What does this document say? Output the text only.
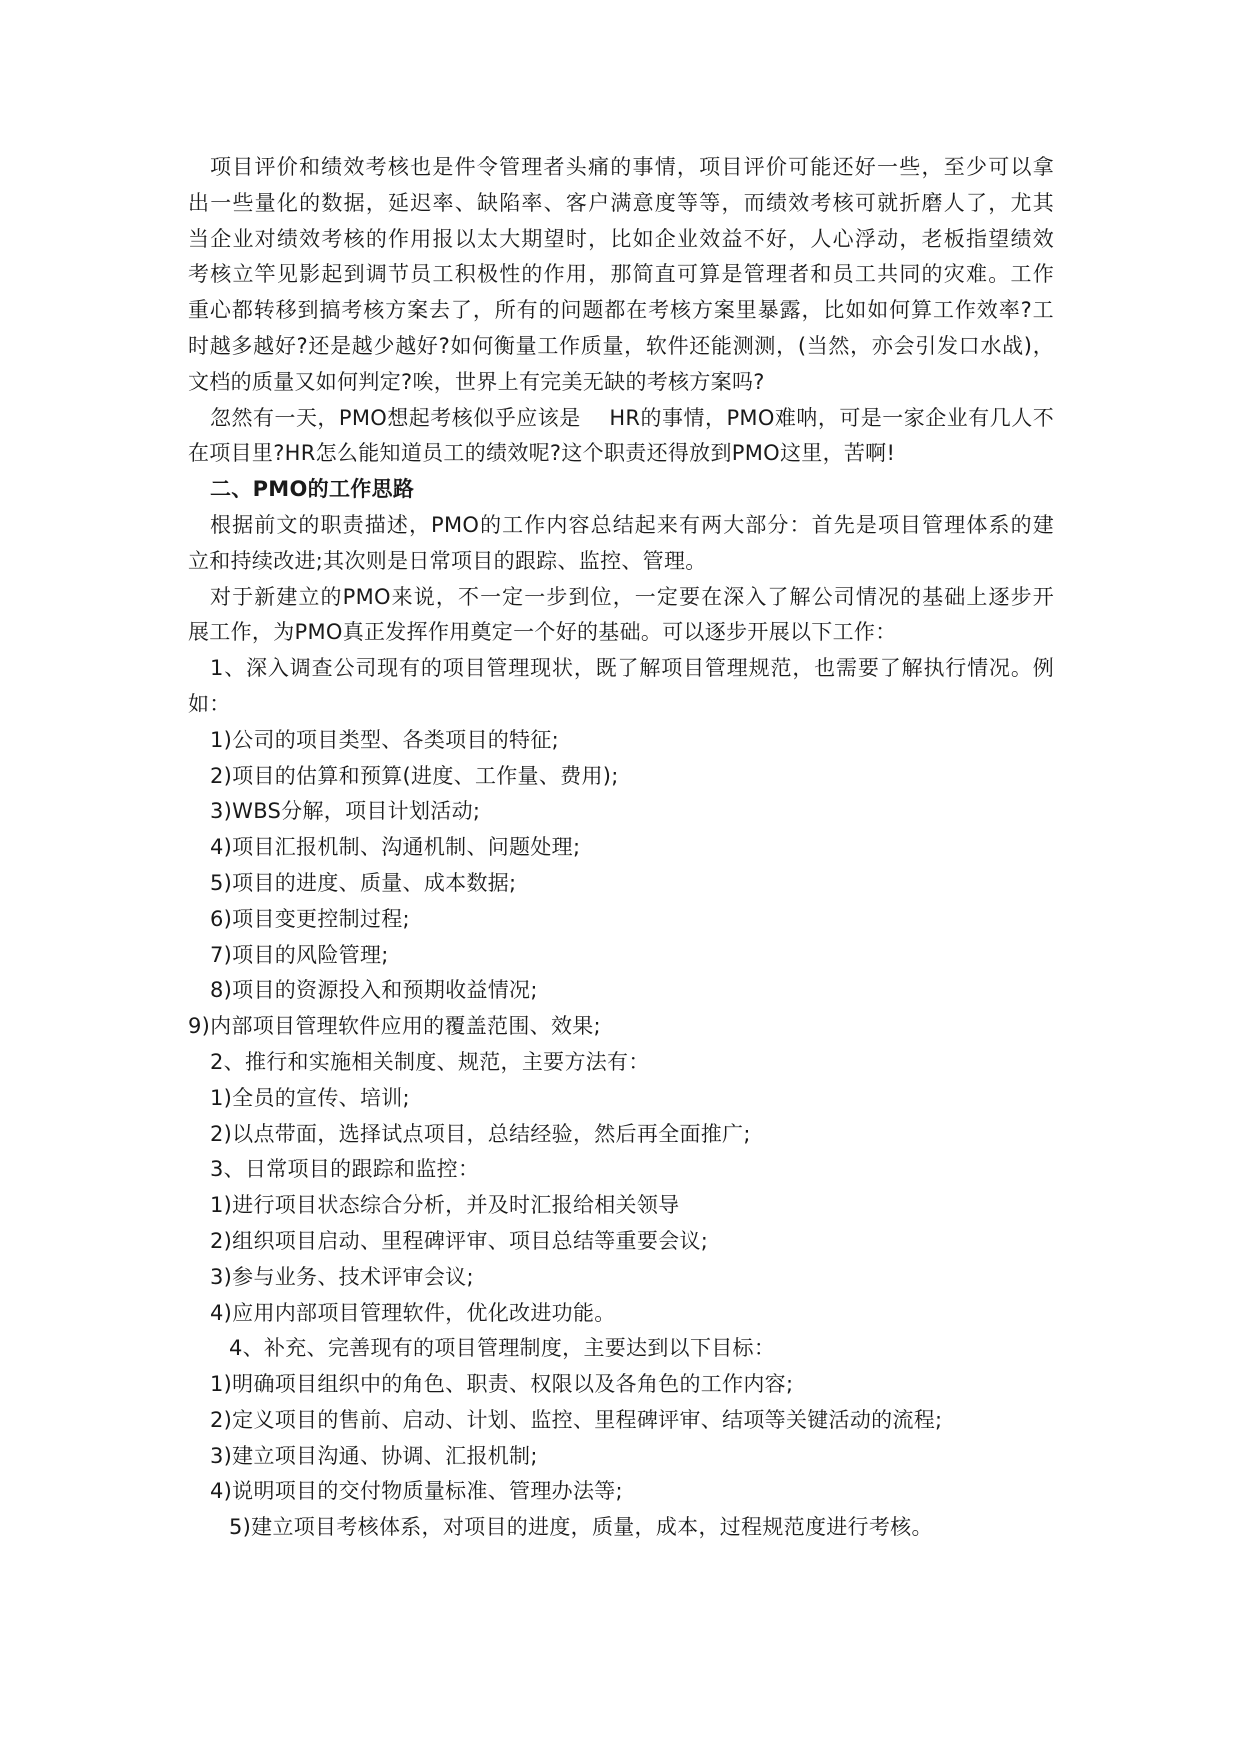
项目评价和绩效考核也是件令管理者头痛的事情，项目评价可能还好一些，至少可以拿
出一些量化的数据，延迟率、缺陷率、客户满意度等等，而绩效考核可就折磨人了，尤其
当企业对绩效考核的作用报以太大期望时，比如企业效益不好，人心浮动，老板指望绩效
考核立竿见影起到调节员工积极性的作用，那简直可算是管理者和员工共同的灾难。工作
重心都转移到搞考核方案去了，所有的问题都在考核方案里暴露，比如如何算工作效率?工
时越多越好?还是越少越好?如何衡量工作质量，软件还能测测，(当然，亦会引发口水战)，
文档的质量又如何判定?唉，世界上有完美无缺的考核方案吗?
忽然有一天，PMO想起考核似乎应该是　 HR的事情，PMO难呐，可是一家企业有几人不
在项目里?HR怎么能知道员工的绩效呢?这个职责还得放到PMO这里，苦啊!
二、PMO的工作思路
根据前文的职责描述，PMO的工作内容总结起来有两大部分：首先是项目管理体系的建
立和持续改进;其次则是日常项目的跟踪、监控、管理。
对于新建立的PMO来说，不一定一步到位，一定要在深入了解公司情况的基础上逐步开
展工作，为PMO真正发挥作用奠定一个好的基础。可以逐步开展以下工作：
1、深入调查公司现有的项目管理现状，既了解项目管理规范，也需要了解执行情况。例
如：
1)公司的项目类型、各类项目的特征;
2)项目的估算和预算(进度、工作量、费用);
3)WBS分解，项目计划活动;
4)项目汇报机制、沟通机制、问题处理;
5)项目的进度、质量、成本数据;
6)项目变更控制过程;
7)项目的风险管理;
8)项目的资源投入和预期收益情况;
9)内部项目管理软件应用的覆盖范围、效果;
2、推行和实施相关制度、规范，主要方法有：
1)全员的宣传、培训;
2)以点带面，选择试点项目，总结经验，然后再全面推广;
3、日常项目的跟踪和监控：
1)进行项目状态综合分析，并及时汇报给相关领导
2)组织项目启动、里程碑评审、项目总结等重要会议;
3)参与业务、技术评审会议;
4)应用内部项目管理软件，优化改进功能。
4、补充、完善现有的项目管理制度，主要达到以下目标：
1)明确项目组织中的角色、职责、权限以及各角色的工作内容;
2)定义项目的售前、启动、计划、监控、里程碑评审、结项等关键活动的流程;
3)建立项目沟通、协调、汇报机制;
4)说明项目的交付物质量标准、管理办法等;
5)建立项目考核体系，对项目的进度，质量，成本，过程规范度进行考核。
